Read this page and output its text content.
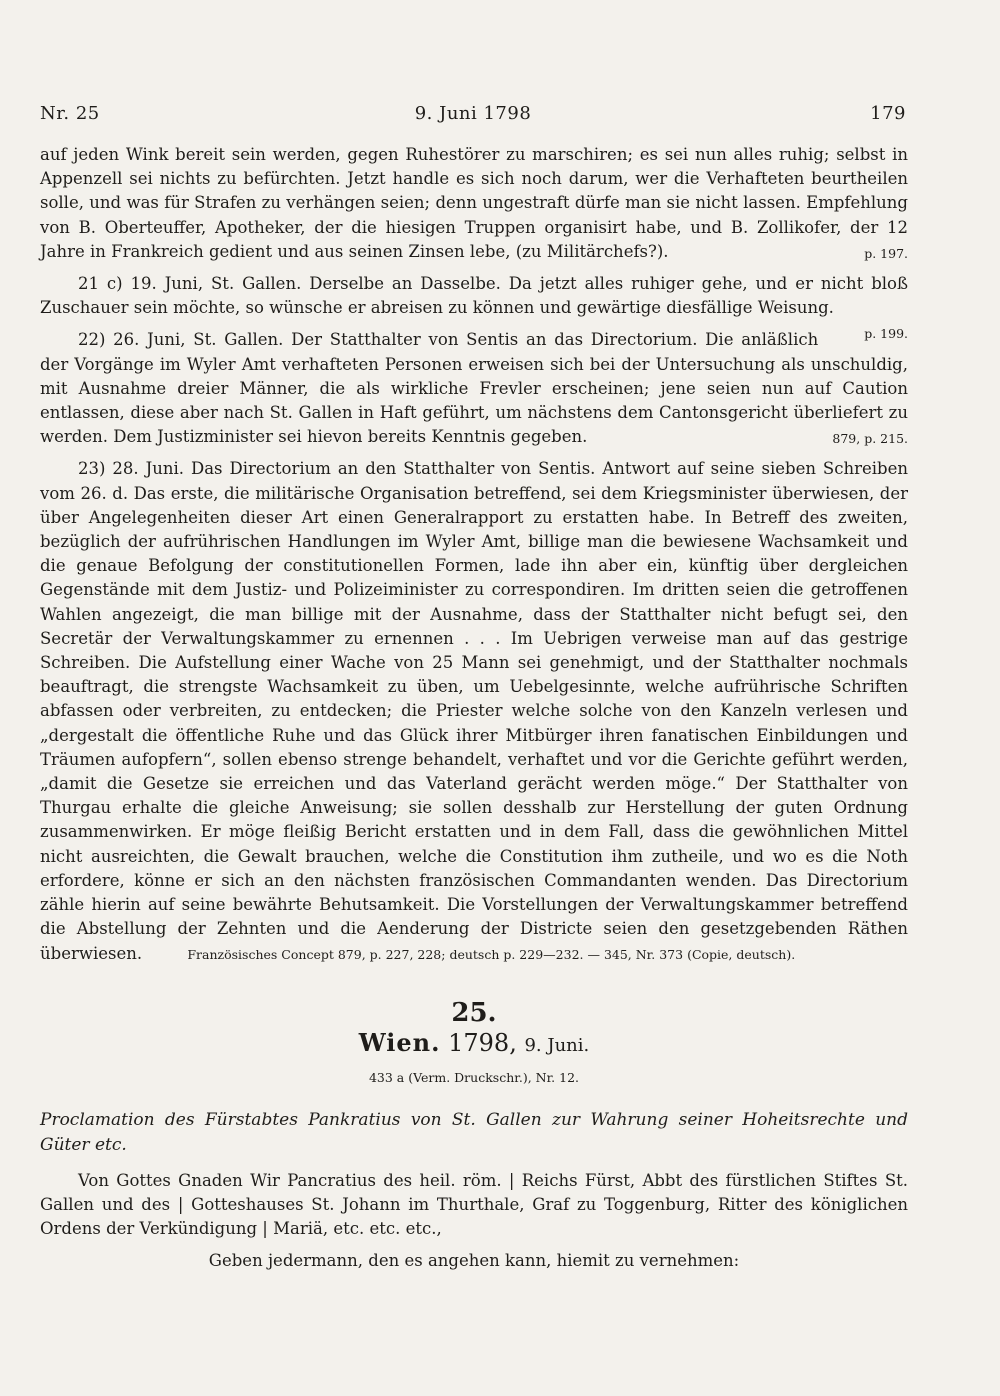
Nr. 25	9. Juni 1798	179

auf jeden Wink bereit sein werden, gegen Ruhestörer zu marschiren; es sei nun alles ruhig; selbst in Appenzell sei nichts zu befürchten. Jetzt handle es sich noch darum, wer die Verhafteten beurtheilen solle, und was für Strafen zu verhängen seien; denn ungestraft dürfe man sie nicht lassen. Empfehlung von B. Oberteuffer, Apotheker, der die hiesigen Truppen organisirt habe, und B. Zollikofer, der 12 Jahre in Frankreich gedient und aus seinen Zinsen lebe, (zu Militärchefs?).	p. 197.

21 c) 19. Juni, St. Gallen. Derselbe an Dasselbe. Da jetzt alles ruhiger gehe, und er nicht bloß Zuschauer sein möchte, so wünsche er abreisen zu können und gewärtige diesfällige Weisung.
p. 199.

22) 26. Juni, St. Gallen. Der Statthalter von Sentis an das Directorium. Die anläßlich der Vorgänge im Wyler Amt verhafteten Personen erweisen sich bei der Untersuchung als unschuldig, mit Ausnahme dreier Männer, die als wirkliche Frevler erscheinen; jene seien nun auf Caution entlassen, diese aber nach St. Gallen in Haft geführt, um nächstens dem Cantonsgericht überliefert zu werden. Dem Justizminister sei hievon bereits Kenntnis gegeben.	879, p. 215.

23) 28. Juni. Das Directorium an den Statthalter von Sentis. Antwort auf seine sieben Schreiben vom 26. d. Das erste, die militärische Organisation betreffend, sei dem Kriegsminister überwiesen, der über Angelegenheiten dieser Art einen Generalrapport zu erstatten habe. In Betreff des zweiten, bezüglich der aufrührischen Handlungen im Wyler Amt, billige man die bewiesene Wachsamkeit und die genaue Befolgung der constitutionellen Formen, lade ihn aber ein, künftig über dergleichen Gegenstände mit dem Justiz- und Polizeiminister zu correspondiren. Im dritten seien die getroffenen Wahlen angezeigt, die man billige mit der Ausnahme, dass der Statthalter nicht befugt sei, den Secretär der Verwaltungskammer zu ernennen . . . Im Uebrigen verweise man auf das gestrige Schreiben. Die Aufstellung einer Wache von 25 Mann sei genehmigt, und der Statthalter nochmals beauftragt, die strengste Wachsamkeit zu üben, um Uebelgesinnte, welche aufrührische Schriften abfassen oder verbreiten, zu entdecken; die Priester welche solche von den Kanzeln verlesen und „dergestalt die öffentliche Ruhe und das Glück ihrer Mitbürger ihren fanatischen Einbildungen und Träumen aufopfern“, sollen ebenso strenge behandelt, verhaftet und vor die Gerichte geführt werden, „damit die Gesetze sie erreichen und das Vaterland gerächt werden möge.“ Der Statthalter von Thurgau erhalte die gleiche Anweisung; sie sollen desshalb zur Herstellung der guten Ordnung zusammenwirken. Er möge fleißig Bericht erstatten und in dem Fall, dass die gewöhnlichen Mittel nicht ausreichten, die Gewalt brauchen, welche die Constitution ihm zutheile, und wo es die Noth erfordere, könne er sich an den nächsten französischen Commandanten wenden. Das Directorium zähle hierin auf seine bewährte Behutsamkeit. Die Vorstellungen der Verwaltungskammer betreffend die Abstellung der Zehnten und die Aenderung der Districte seien den gesetzgebenden Räthen überwiesen.	Französisches Concept 879, p. 227, 228; deutsch p. 229—232. — 345, Nr. 373 (Copie, deutsch).

25.
Wien. 1798, 9. Juni.
433 a (Verm. Druckschr.), Nr. 12.
Proclamation des Fürstabtes Pankratius von St. Gallen zur Wahrung seiner Hoheitsrechte und Güter etc.

Von Gottes Gnaden Wir Pancratius des heil. röm. | Reichs Fürst, Abbt des fürstlichen Stiftes St. Gallen und des | Gotteshauses St. Johann im Thurthale, Graf zu Toggenburg, Ritter des königlichen Ordens der Verkündigung | Mariä, etc. etc. etc.,

Geben jedermann, den es angehen kann, hiemit zu vernehmen:
